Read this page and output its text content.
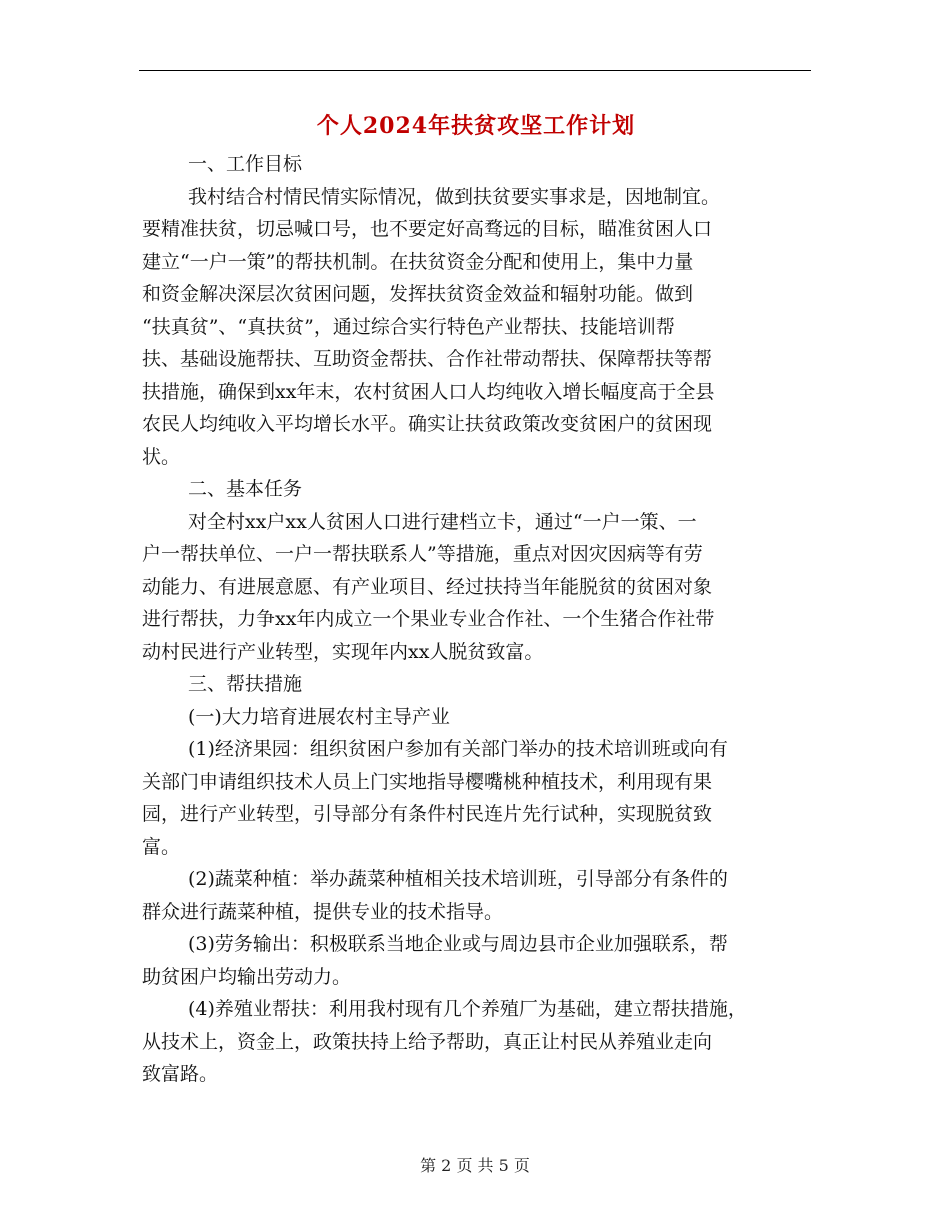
个人2024年扶贫攻坚工作计划

一、工作目标

我村结合村情民情实际情况，做到扶贫要实事求是，因地制宜。

要精准扶贫，切忌喊口号，也不要定好高骛远的目标，瞄准贫困人口

建立“一户一策”的帮扶机制。在扶贫资金分配和使用上，集中力量

和资金解决深层次贫困问题，发挥扶贫资金效益和辐射功能。做到

“扶真贫”、“真扶贫”，通过综合实行特色产业帮扶、技能培训帮

扶、基础设施帮扶、互助资金帮扶、合作社带动帮扶、保障帮扶等帮

扶措施，确保到xx年末，农村贫困人口人均纯收入增长幅度高于全县

农民人均纯收入平均增长水平。确实让扶贫政策改变贫困户的贫困现

状。

二、基本任务

对全村xx户xx人贫困人口进行建档立卡，通过“一户一策、一

户一帮扶单位、一户一帮扶联系人”等措施，重点对因灾因病等有劳

动能力、有进展意愿、有产业项目、经过扶持当年能脱贫的贫困对象

进行帮扶，力争xx年内成立一个果业专业合作社、一个生猪合作社带

动村民进行产业转型，实现年内xx人脱贫致富。

三、帮扶措施

(一)大力培育进展农村主导产业

(1)经济果园：组织贫困户参加有关部门举办的技术培训班或向有

关部门申请组织技术人员上门实地指导樱嘴桃种植技术，利用现有果

园，进行产业转型，引导部分有条件村民连片先行试种，实现脱贫致

富。

(2)蔬菜种植：举办蔬菜种植相关技术培训班，引导部分有条件的

群众进行蔬菜种植，提供专业的技术指导。

(3)劳务输出：积极联系当地企业或与周边县市企业加强联系，帮

助贫困户均输出劳动力。

(4)养殖业帮扶：利用我村现有几个养殖厂为基础，建立帮扶措施，

从技术上，资金上，政策扶持上给予帮助，真正让村民从养殖业走向

致富路。

第 2 页 共 5 页
